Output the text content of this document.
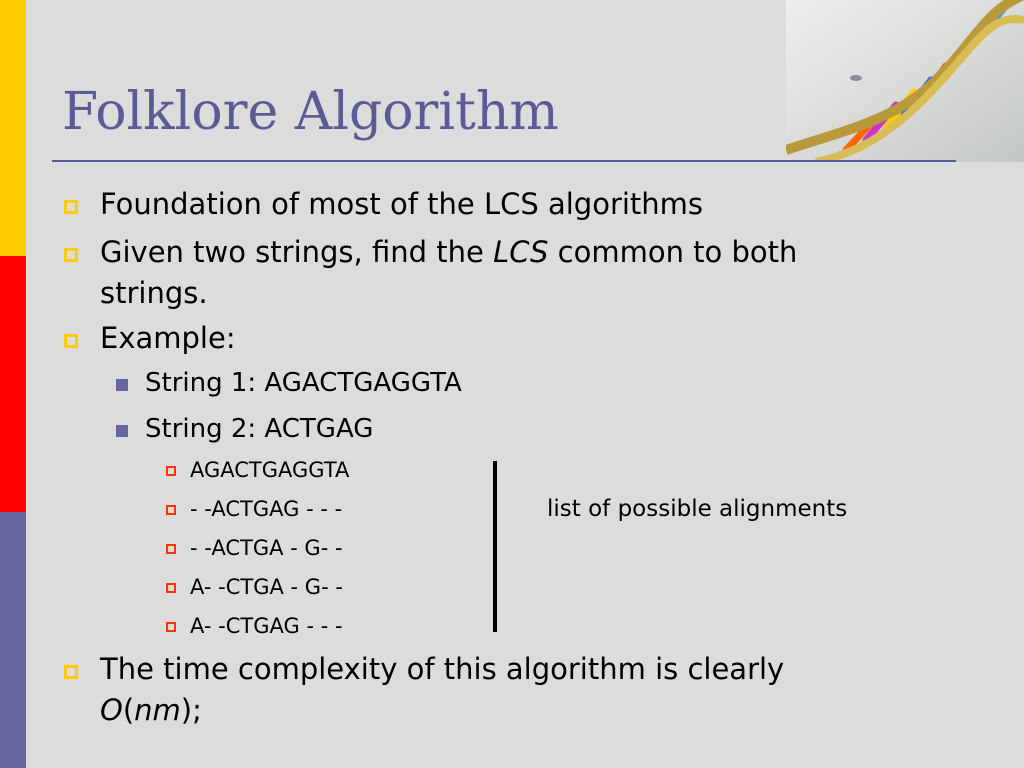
Folklore Algorithm
Foundation of most of the LCS algorithms
Given two strings, find the LCS common to both
strings.
Example:
String 1: AGACTGAGGTA
String 2: ACTGAG
AGACTGAGGTA
- -ACTGAG - - -
- -ACTGA - G- -
A- -CTGA - G- -
A- -CTGAG - - -
list of possible alignments
The time complexity of this algorithm is clearly
O(nm);
